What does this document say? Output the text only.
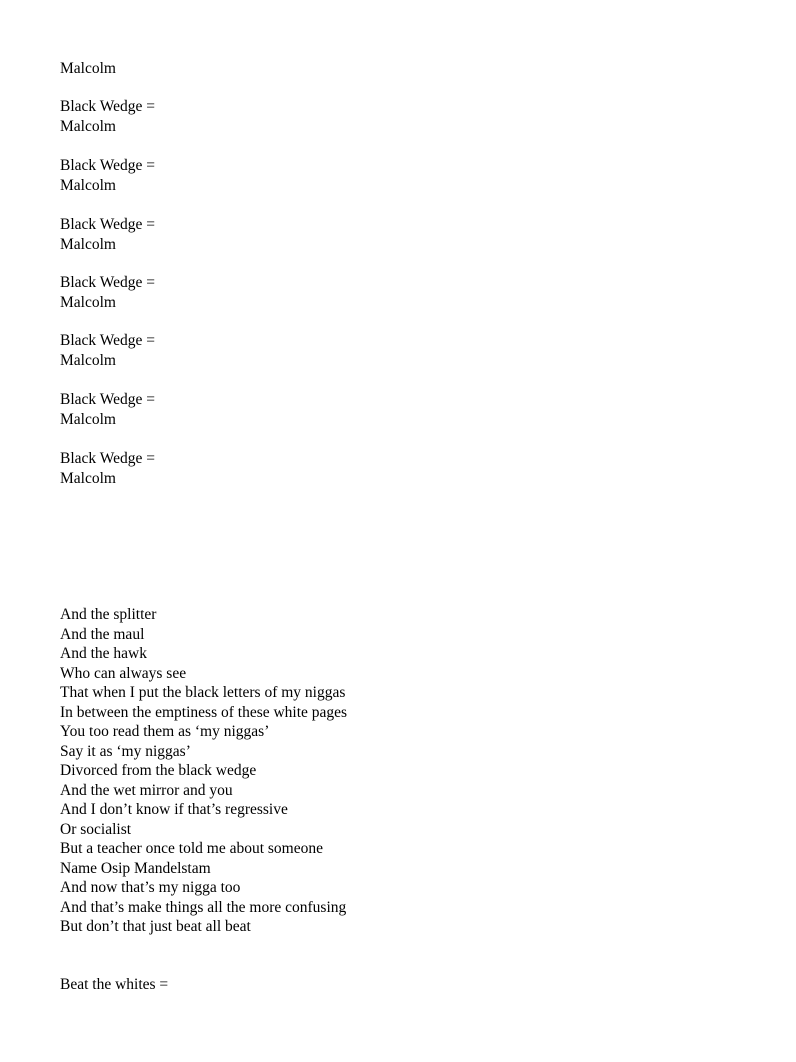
Malcolm
Black Wedge =
Malcolm
Black Wedge =
Malcolm
Black Wedge =
Malcolm
Black Wedge =
Malcolm
Black Wedge =
Malcolm
Black Wedge =
Malcolm
Black Wedge =
Malcolm
And the splitter
And the maul
And the hawk
Who can always see
That when I put the black letters of my niggas
In between the emptiness of these white pages
You too read them as ‘my niggas’
Say it as ‘my niggas’
Divorced from the black wedge
And the wet mirror and you
And I don’t know if that’s regressive
Or socialist
But a teacher once told me about someone
Name Osip Mandelstam
And now that’s my nigga too
And that’s make things all the more confusing
But don’t that just beat all beat
Beat the whites =
